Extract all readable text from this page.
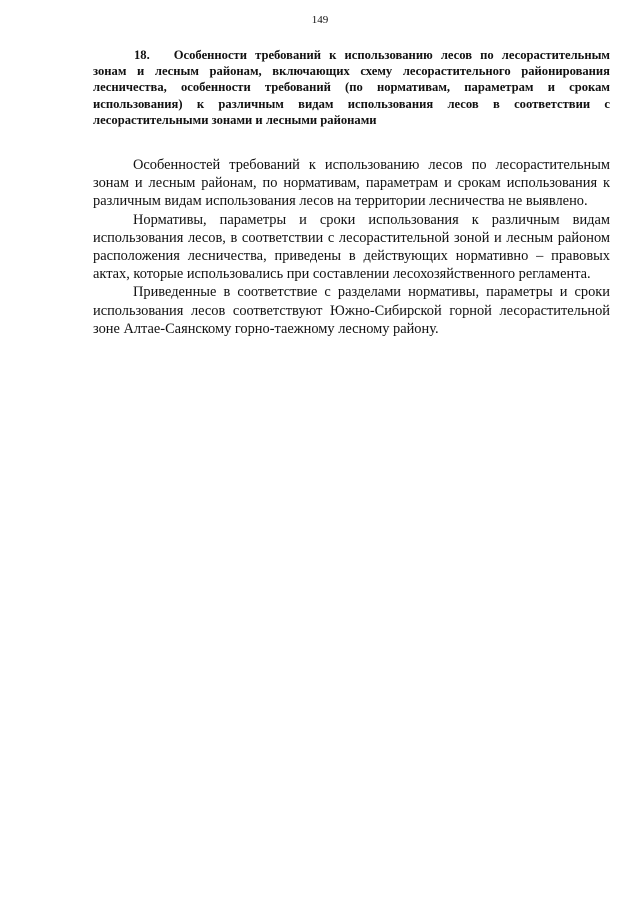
149

18. Особенности требований к использованию лесов по лесорастительным зонам и лесным районам, включающих схему лесорастительного районирования лесничества, особенности требований (по нормативам, параметрам и срокам использования) к различным видам использования лесов в соответствии с лесорастительными зонами и лесными районами

Особенностей требований к использованию лесов по лесорастительным зонам и лесным районам, по нормативам, параметрам и срокам использования к различным видам использования лесов на территории лесничества не выявлено.

Нормативы, параметры и сроки использования к различным видам использования лесов, в соответствии с лесорастительной зоной и лесным районом расположения лесничества, приведены в действующих нормативно – правовых актах, которые использовались при составлении лесохозяйственного регламента.

Приведенные в соответствие с разделами нормативы, параметры и сроки использования лесов соответствуют Южно-Сибирской горной лесорастительной зоне Алтае-Саянскому горно-таежному лесному району.
